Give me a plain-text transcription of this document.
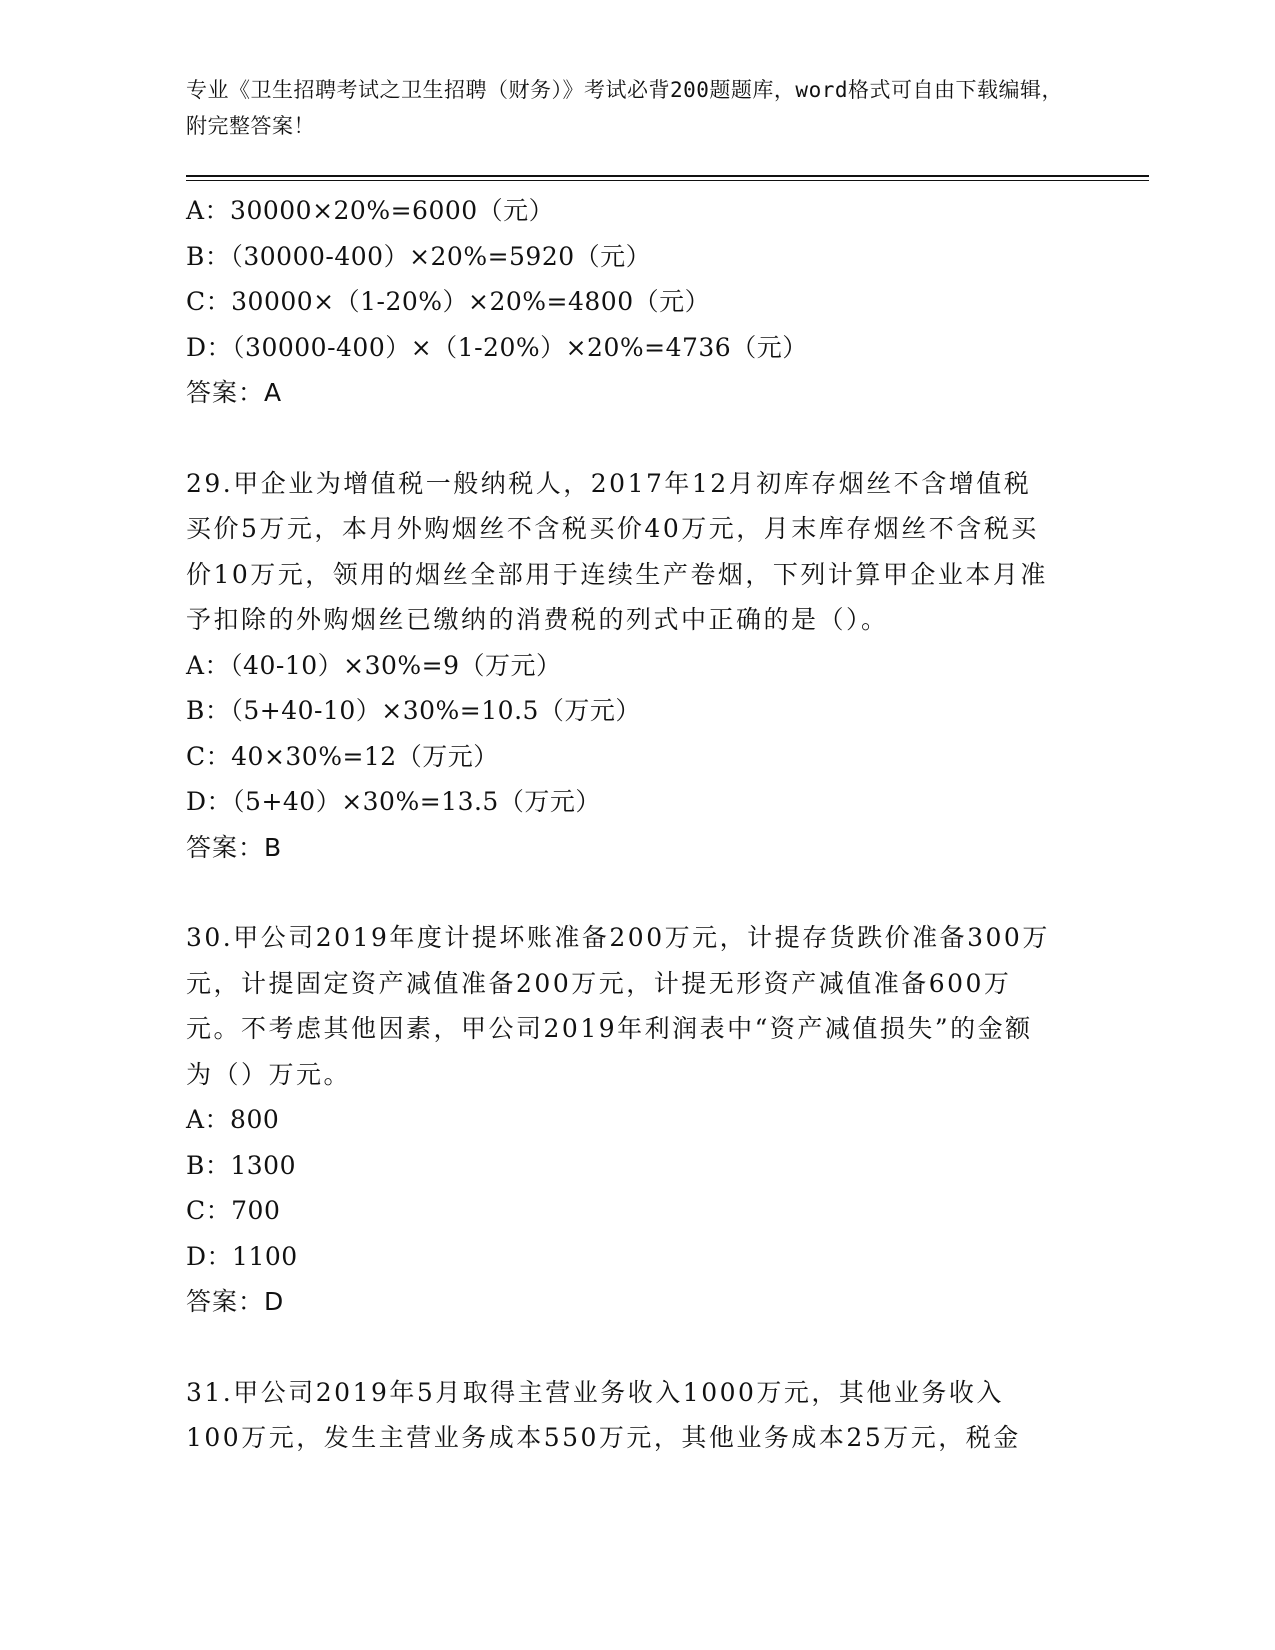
专业《卫生招聘考试之卫生招聘（财务）》考试必背200题题库，word格式可自由下载编辑，附完整答案！
A：30000×20%=6000（元）
B：（30000-400）×20%=5920（元）
C：30000×（1-20%）×20%=4800（元）
D：（30000-400）×（1-20%）×20%=4736（元）
答案：A
29.甲企业为增值税一般纳税人，2017年12月初库存烟丝不含增值税买价5万元，本月外购烟丝不含税买价40万元，月末库存烟丝不含税买价10万元，领用的烟丝全部用于连续生产卷烟，下列计算甲企业本月准予扣除的外购烟丝已缴纳的消费税的列式中正确的是（）。
A：（40-10）×30%=9（万元）
B：（5+40-10）×30%=10.5（万元）
C：40×30%=12（万元）
D：（5+40）×30%=13.5（万元）
答案：B
30.甲公司2019年度计提坏账准备200万元，计提存货跌价准备300万元，计提固定资产减值准备200万元，计提无形资产减值准备600万元。不考虑其他因素，甲公司2019年利润表中“资产减值损失”的金额为（）万元。
A：800
B：1300
C：700
D：1100
答案：D
31.甲公司2019年5月取得主营业务收入1000万元，其他业务收入100万元，发生主营业务成本550万元，其他业务成本25万元，税金
